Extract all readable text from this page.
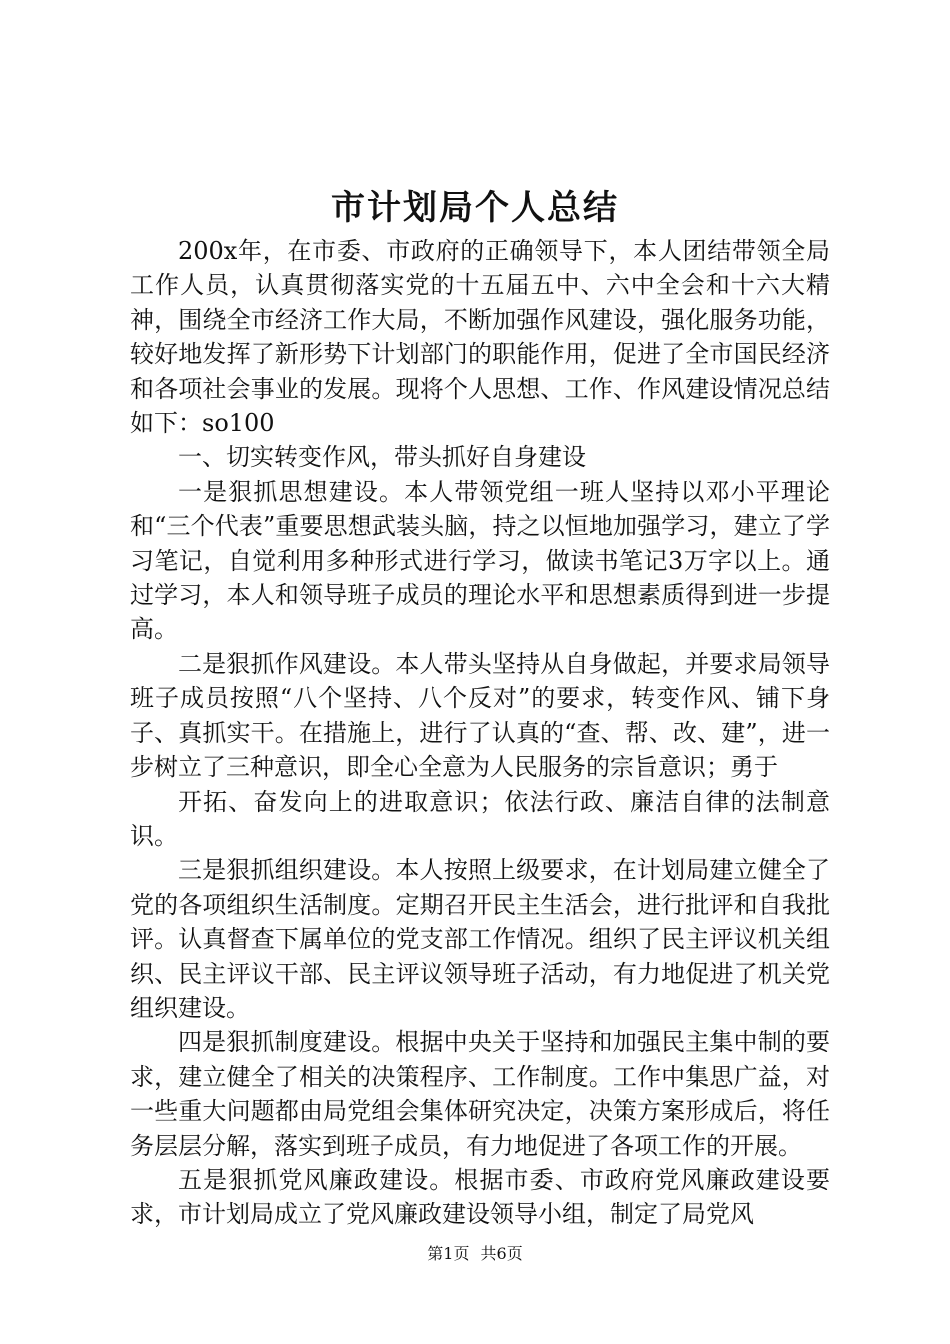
市计划局个人总结

200x年，在市委、市政府的正确领导下，本人团结带领全局工作人员，认真贯彻落实党的十五届五中、六中全会和十六大精神，围绕全市经济工作大局，不断加强作风建设，强化服务功能，较好地发挥了新形势下计划部门的职能作用，促进了全市国民经济和各项社会事业的发展。现将个人思想、工作、作风建设情况总结如下：so100

一、切实转变作风，带头抓好自身建设

一是狠抓思想建设。本人带领党组一班人坚持以邓小平理论和“三个代表”重要思想武装头脑，持之以恒地加强学习，建立了学习笔记，自觉利用多种形式进行学习，做读书笔记3万字以上。通过学习，本人和领导班子成员的理论水平和思想素质得到进一步提高。

二是狠抓作风建设。本人带头坚持从自身做起，并要求局领导班子成员按照“八个坚持、八个反对”的要求，转变作风、铺下身子、真抓实干。在措施上，进行了认真的“查、帮、改、建”，进一步树立了三种意识，即全心全意为人民服务的宗旨意识；勇于

开拓、奋发向上的进取意识；依法行政、廉洁自律的法制意识。

三是狠抓组织建设。本人按照上级要求，在计划局建立健全了党的各项组织生活制度。定期召开民主生活会，进行批评和自我批评。认真督查下属单位的党支部工作情况。组织了民主评议机关组织、民主评议干部、民主评议领导班子活动，有力地促进了机关党组织建设。

四是狠抓制度建设。根据中央关于坚持和加强民主集中制的要求，建立健全了相关的决策程序、工作制度。工作中集思广益，对一些重大问题都由局党组会集体研究决定，决策方案形成后，将任务层层分解，落实到班子成员，有力地促进了各项工作的开展。

五是狠抓党风廉政建设。根据市委、市政府党风廉政建设要求，市计划局成立了党风廉政建设领导小组，制定了局党风

第1页 共6页
